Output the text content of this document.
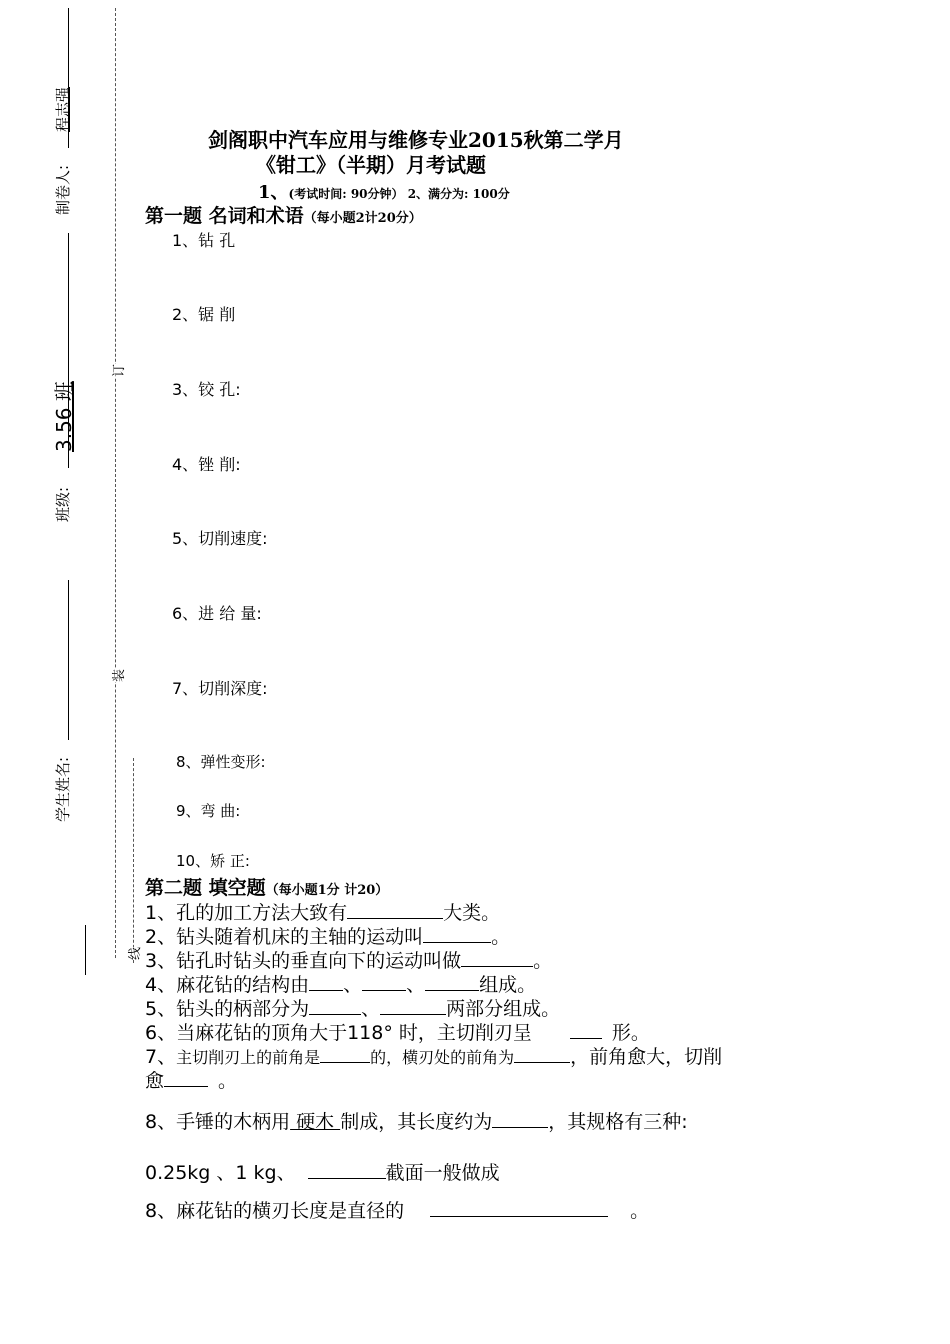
制卷人:
程志强
班级:
3.56 班
学生姓名:
订
装
线
剑阁职中汽车应用与维修专业2015秋第二学月
《钳工》（半期）月考试题
1、(考试时间: 90分钟） 2、满分为: 100分
第一题 名词和术语（每小题2计20分）
1、钻 孔
2、锯 削
3、铰 孔:
4、锉 削:
5、切削速度:
6、进 给 量:
7、切削深度:
8、弹性变形:
9、弯 曲:
10、矫 正:
第二题 填空题（每小题1分 计20）
1、孔的加工方法大致有	大类。
2、钻头随着机床的主轴的运动叫	。
3、钻孔时钻头的垂直向下的运动叫做	。
4、麻花钻的结构由 、 、	组成。
5、钻头的柄部分为	、	两部分组成。
6、当麻花钻的顶角大于118° 时，主切削刃呈	形。
7、主切削刃上的前角是	的，横刃处的前角为	，前角愈大，切削
愈	。
8、手锤的木柄用 硬木 制成，其长度约为	，其规格有三种:
0.25kg 、1 kg、	截面一般做成
8、麻花钻的横刃长度是直径的	。
